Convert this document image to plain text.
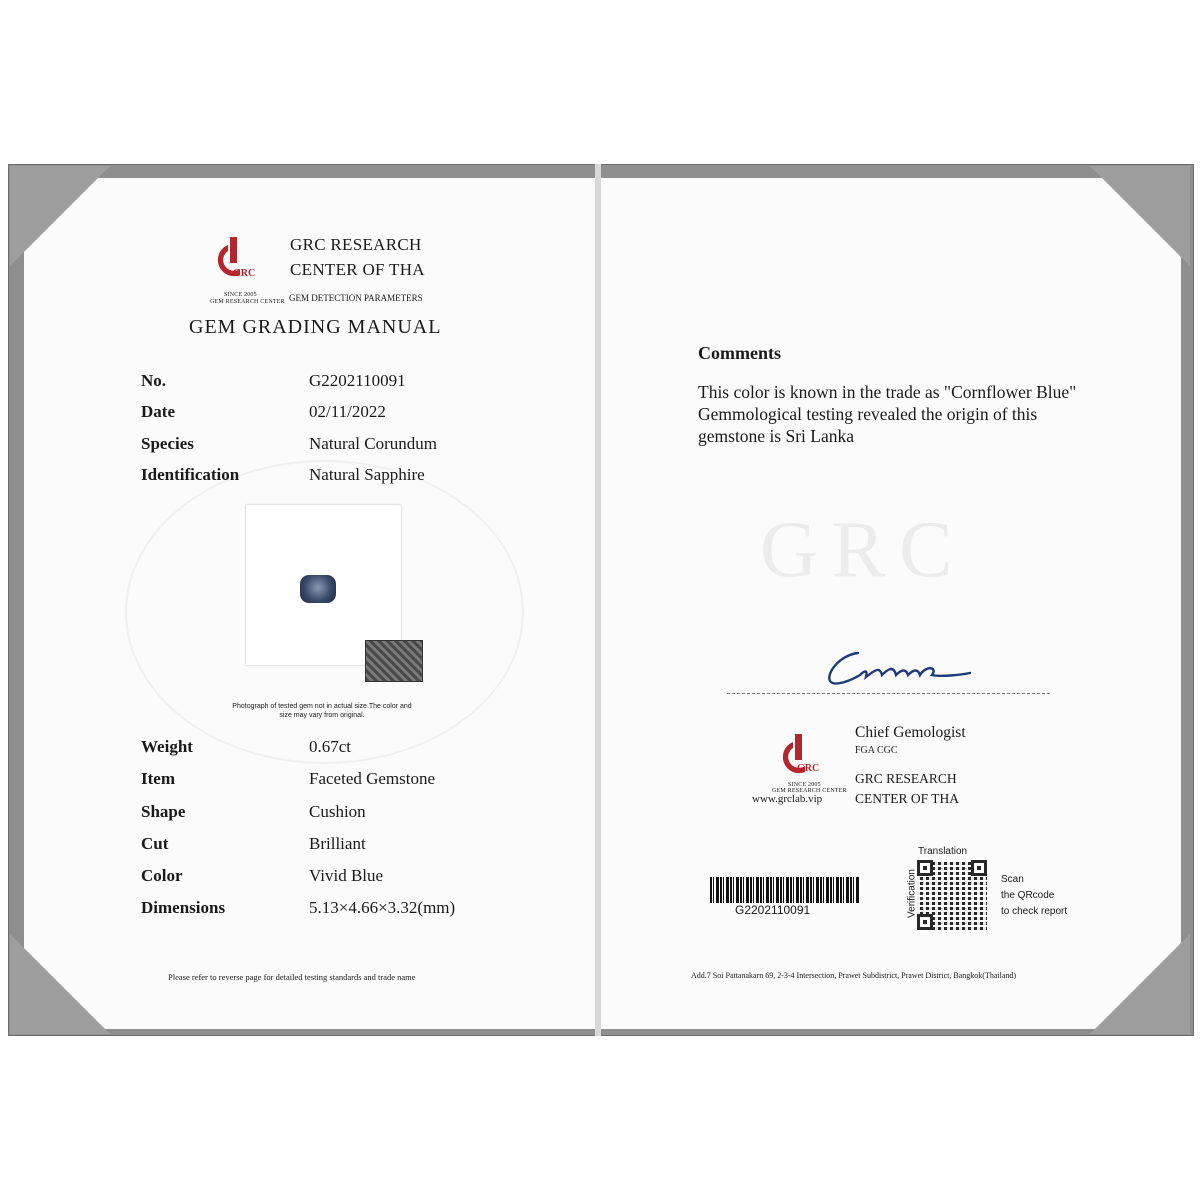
GRC
SINCE 2005
GEM RESEARCH CENTER
GRC RESEARCH
CENTER OF THA
GEM DETECTION PARAMETERS
GEM GRADING MANUAL
No.	G2202110091
Date	02/11/2022
Species	Natural Corundum
Identification	Natural Sapphire
Photograph of tested gem not in actual size.The color and
size may vary from original.
Weight	0.67ct
Item	Faceted Gemstone
Shape	Cushion
Cut	Brilliant
Color	Vivid Blue
Dimensions	5.13×4.66×3.32(mm)
Please refer to reverse page for detailed testing standards and trade name
GRC
Comments
This color is known in the trade as "Cornflower Blue"
Gemmological testing revealed the origin of this
gemstone is Sri Lanka
GRC
SINCE 2005
GEM RESEARCH CENTER
www.grclab.vip
Chief Gemologist
FGA CGC
GRC RESEARCH
CENTER OF THA
G2202110091
Translation
Verification	Scan
the QRcode
to check report
Add.7 Soi Pattanakarn 69, 2-3-4 Intersection, Prawet Subdistrict, Prawet District, Bangkok(Thailand)
